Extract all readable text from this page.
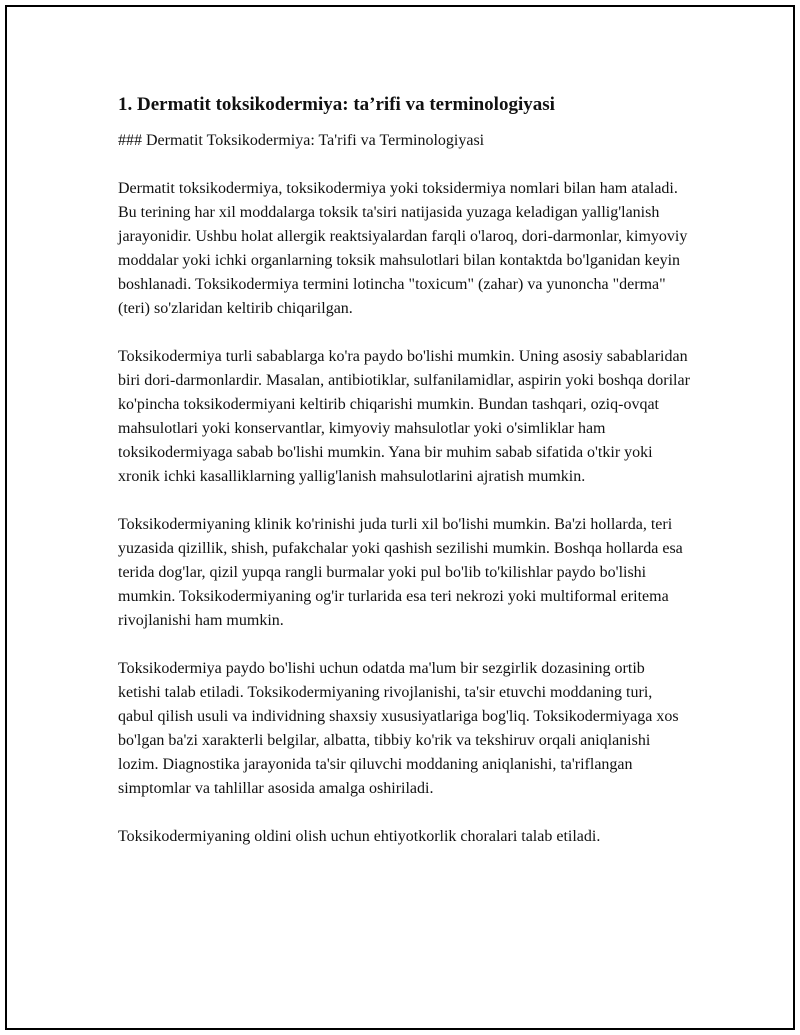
1. Dermatit toksikodermiya: ta’rifi va terminologiyasi
### Dermatit Toksikodermiya: Ta'rifi va Terminologiyasi

Dermatit toksikodermiya, toksikodermiya yoki toksidermiya nomlari bilan ham ataladi. Bu terining har xil moddalarga toksik ta'siri natijasida yuzaga keladigan yallig'lanish jarayonidir. Ushbu holat allergik reaktsiyalardan farqli o'laroq, dori-darmonlar, kimyoviy moddalar yoki ichki organlarning toksik mahsulotlari bilan kontaktda bo'lganidan keyin boshlanadi. Toksikodermiya termini lotincha "toxicum" (zahar) va yunoncha "derma" (teri) so'zlaridan keltirib chiqarilgan.

Toksikodermiya turli sabablarga ko'ra paydo bo'lishi mumkin. Uning asosiy sabablaridan biri dori-darmonlardir. Masalan, antibiotiklar, sulfanilamidlar, aspirin yoki boshqa dorilar ko'pincha toksikodermiyani keltirib chiqarishi mumkin. Bundan tashqari, oziq-ovqat mahsulotlari yoki konservantlar, kimyoviy mahsulotlar yoki o'simliklar ham toksikodermiyaga sabab bo'lishi mumkin. Yana bir muhim sabab sifatida o'tkir yoki xronik ichki kasalliklarning yallig'lanish mahsulotlarini ajratish mumkin.

Toksikodermiyaning klinik ko'rinishi juda turli xil bo'lishi mumkin. Ba'zi hollarda, teri yuzasida qizillik, shish, pufakchalar yoki qashish sezilishi mumkin. Boshqa hollarda esa terida dog'lar, qizil yupqa rangli burmalar yoki pul bo'lib to'kilishlar paydo bo'lishi mumkin. Toksikodermiyaning og'ir turlarida esa teri nekrozi yoki multiformal eritema rivojlanishi ham mumkin.

Toksikodermiya paydo bo'lishi uchun odatda ma'lum bir sezgirlik dozasining ortib ketishi talab etiladi. Toksikodermiyaning rivojlanishi, ta'sir etuvchi moddaning turi, qabul qilish usuli va individning shaxsiy xususiyatlariga bog'liq. Toksikodermiyaga xos bo'lgan ba'zi xarakterli belgilar, albatta, tibbiy ko'rik va tekshiruv orqali aniqlanishi lozim. Diagnostika jarayonida ta'sir qiluvchi moddaning aniqlanishi, ta'riflangan simptomlar va tahlillar asosida amalga oshiriladi.

Toksikodermiyaning oldini olish uchun ehtiyotkorlik choralari talab etiladi.
